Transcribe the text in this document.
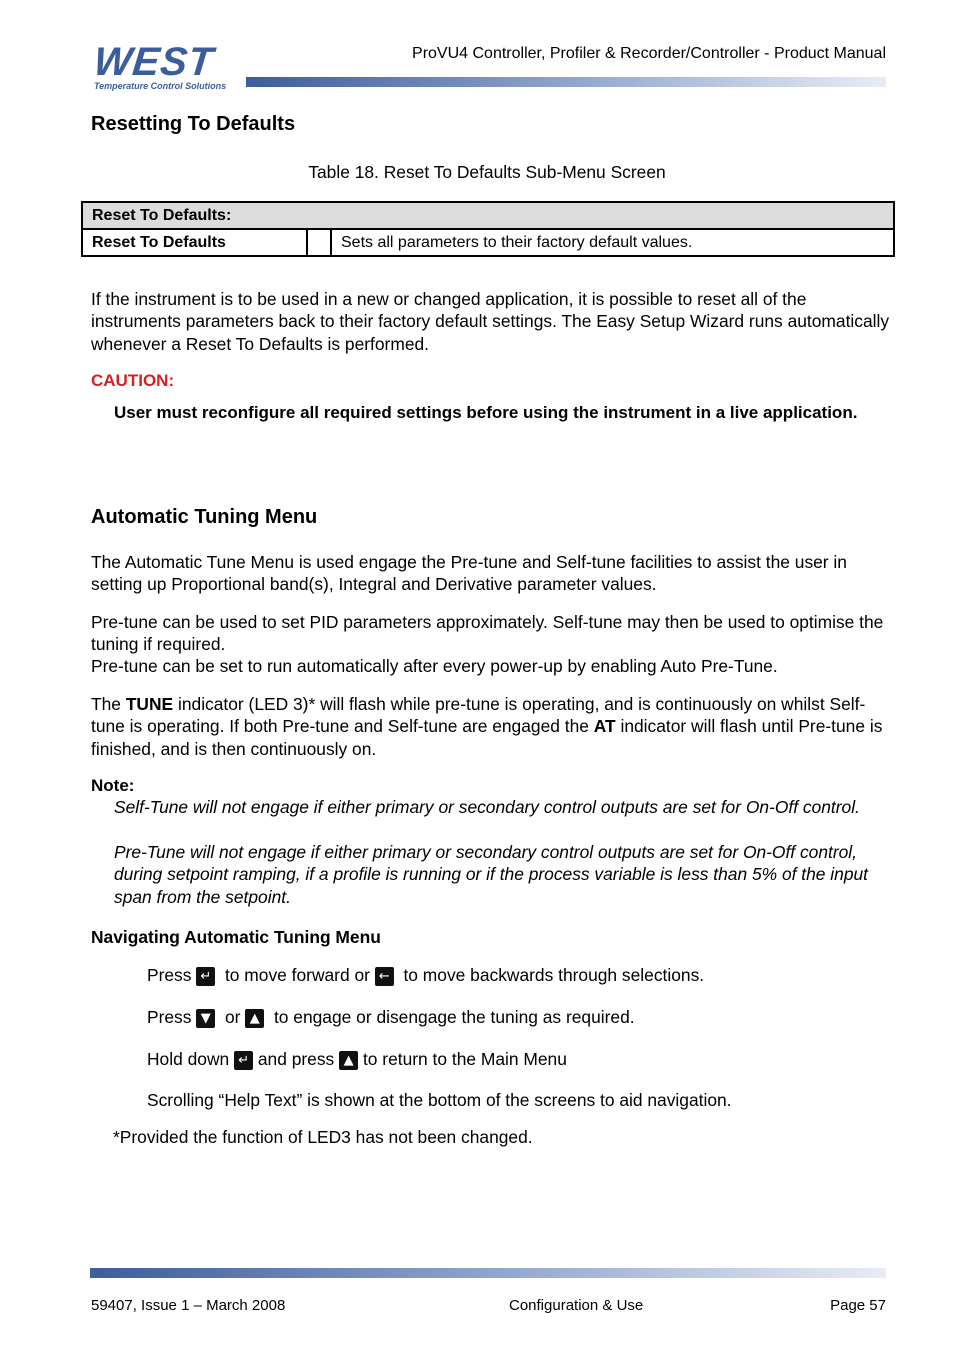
WEST
Temperature Control Solutions
ProVU4 Controller, Profiler & Recorder/Controller - Product Manual
Resetting To Defaults
Table 18. Reset To Defaults Sub-Menu Screen
Reset To Defaults:
Reset To Defaults		Sets all parameters to their factory default values.

If the instrument is to be used in a new or changed application, it is possible to reset all of the instruments parameters back to their factory default settings. The Easy Setup Wizard runs automatically whenever a Reset To Defaults is performed.

CAUTION:

User must reconfigure all required settings before using the instrument in a live application.

Automatic Tuning Menu

The Automatic Tune Menu is used engage the Pre-tune and Self-tune facilities to assist the user in setting up Proportional band(s), Integral and Derivative parameter values.

Pre-tune can be used to set PID parameters approximately. Self-tune may then be used to optimise the tuning if required.

Pre-tune can be set to run automatically after every power-up by enabling Auto Pre-Tune.

The TUNE indicator (LED 3)* will flash while pre-tune is operating, and is continuously on whilst Self-tune is operating. If both Pre-tune and Self-tune are engaged the AT indicator will flash until Pre-tune is finished, and is then continuously on.

Note:

Self-Tune will not engage if either primary or secondary control outputs are set for On-Off control.

Pre-Tune will not engage if either primary or secondary control outputs are set for On-Off control, during setpoint ramping, if a profile is running or if the process variable is less than 5% of the input span from the setpoint.

Navigating Automatic Tuning Menu
Press ↵ to move forward or ← to move backwards through selections.
Press ▼ or ▲ to engage or disengage the tuning as required.
Hold down ↵ and press ▲ to return to the Main Menu
Scrolling “Help Text” is shown at the bottom of the screens to aid navigation.
*Provided the function of LED3 has not been changed.
59407, Issue 1 – March 2008	Configuration & Use	Page 57
